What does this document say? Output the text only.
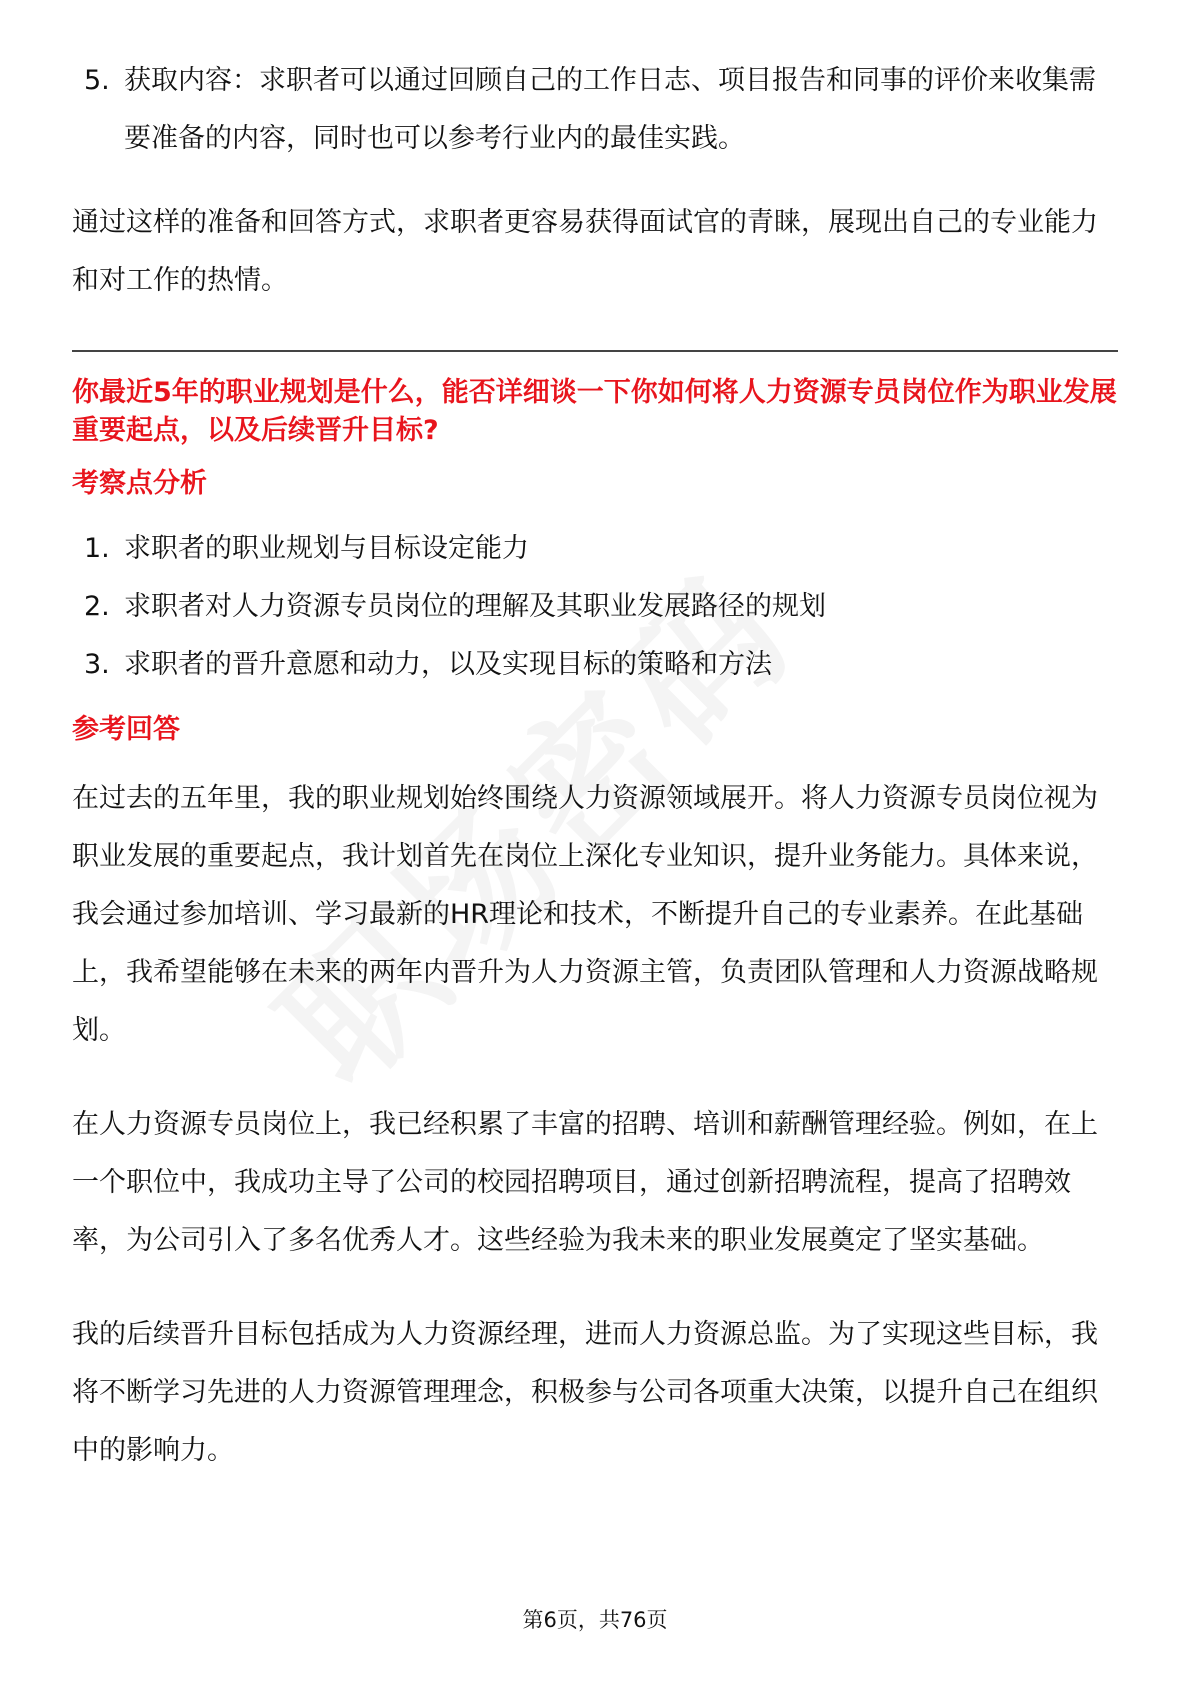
5. 获取内容：求职者可以通过回顾自己的工作日志、项目报告和同事的评价来收集需要准备的内容，同时也可以参考行业内的最佳实践。

通过这样的准备和回答方式，求职者更容易获得面试官的青睐，展现出自己的专业能力和对工作的热情。

你最近5年的职业规划是什么，能否详细谈一下你如何将人力资源专员岗位作为职业发展重要起点，以及后续晋升目标?
考察点分析
1. 求职者的职业规划与目标设定能力
2. 求职者对人力资源专员岗位的理解及其职业发展路径的规划
3. 求职者的晋升意愿和动力，以及实现目标的策略和方法
参考回答

在过去的五年里，我的职业规划始终围绕人力资源领域展开。将人力资源专员岗位视为职业发展的重要起点，我计划首先在岗位上深化专业知识，提升业务能力。具体来说，我会通过参加培训、学习最新的HR理论和技术，不断提升自己的专业素养。在此基础上，我希望能够在未来的两年内晋升为人力资源主管，负责团队管理和人力资源战略规划。

在人力资源专员岗位上，我已经积累了丰富的招聘、培训和薪酬管理经验。例如，在上一个职位中，我成功主导了公司的校园招聘项目，通过创新招聘流程，提高了招聘效率，为公司引入了多名优秀人才。这些经验为我未来的职业发展奠定了坚实基础。

我的后续晋升目标包括成为人力资源经理，进而人力资源总监。为了实现这些目标，我将不断学习先进的人力资源管理理念，积极参与公司各项重大决策，以提升自己在组织中的影响力。

第6页，共76页
